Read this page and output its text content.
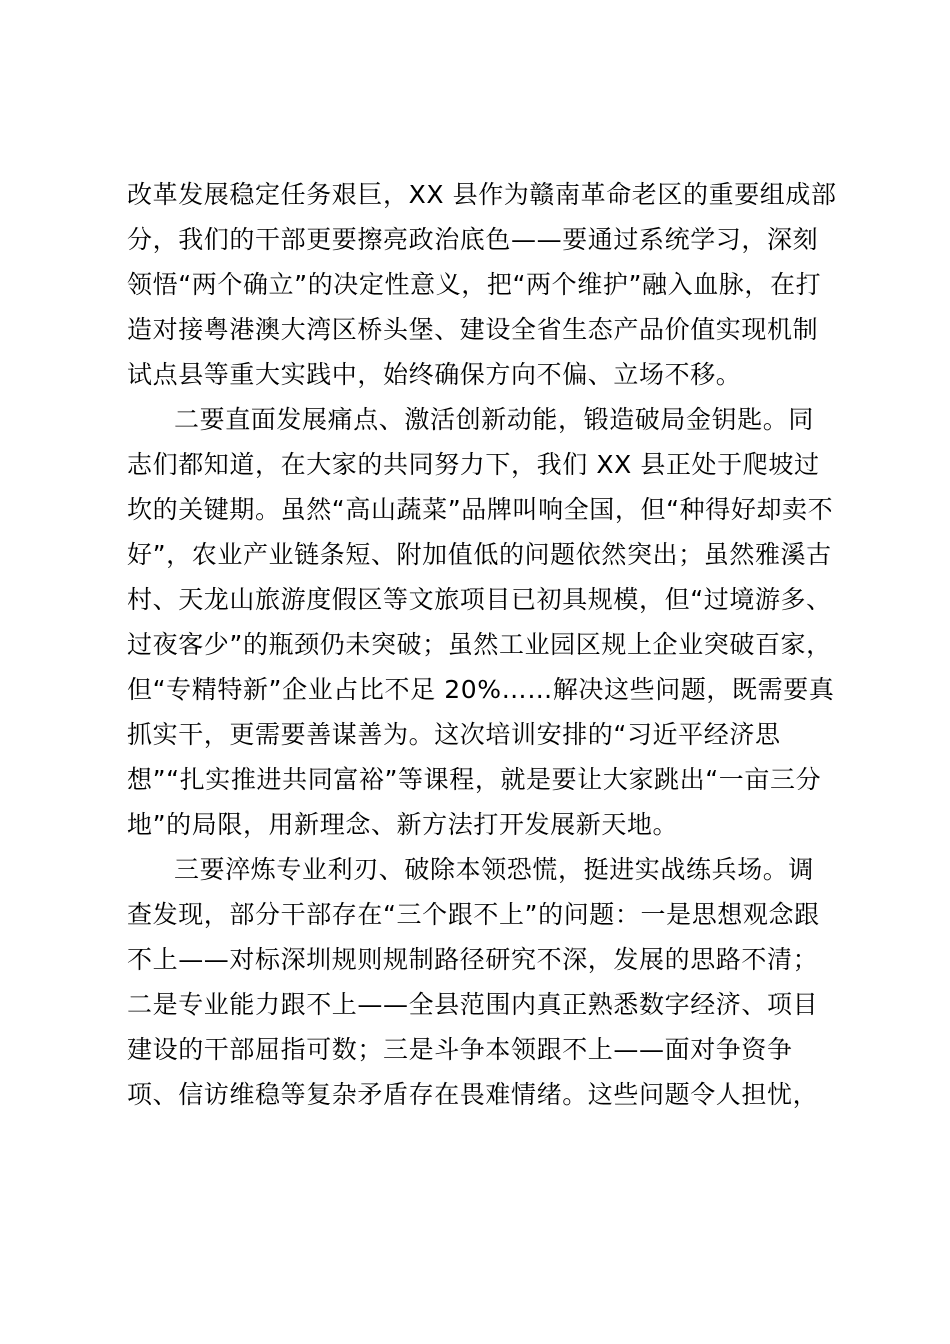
改革发展稳定任务艰巨，XX 县作为赣南革命老区的重要组成部
分，我们的干部更要擦亮政治底色——要通过系统学习，深刻
领悟“两个确立”的决定性意义，把“两个维护”融入血脉，在打
造对接粤港澳大湾区桥头堡、建设全省生态产品价值实现机制
试点县等重大实践中，始终确保方向不偏、立场不移。
二要直面发展痛点、激活创新动能，锻造破局金钥匙。同
志们都知道，在大家的共同努力下，我们 XX 县正处于爬坡过
坎的关键期。虽然“高山蔬菜”品牌叫响全国，但“种得好却卖不
好”，农业产业链条短、附加值低的问题依然突出；虽然雅溪古
村、天龙山旅游度假区等文旅项目已初具规模，但“过境游多、
过夜客少”的瓶颈仍未突破；虽然工业园区规上企业突破百家，
但“专精特新”企业占比不足 20%……解决这些问题，既需要真
抓实干，更需要善谋善为。这次培训安排的“习近平经济思
想”“扎实推进共同富裕”等课程，就是要让大家跳出“一亩三分
地”的局限，用新理念、新方法打开发展新天地。
三要淬炼专业利刃、破除本领恐慌，挺进实战练兵场。调
查发现，部分干部存在“三个跟不上”的问题：一是思想观念跟
不上——对标深圳规则规制路径研究不深，发展的思路不清；
二是专业能力跟不上——全县范围内真正熟悉数字经济、项目
建设的干部屈指可数；三是斗争本领跟不上——面对争资争
项、信访维稳等复杂矛盾存在畏难情绪。这些问题令人担忧，
